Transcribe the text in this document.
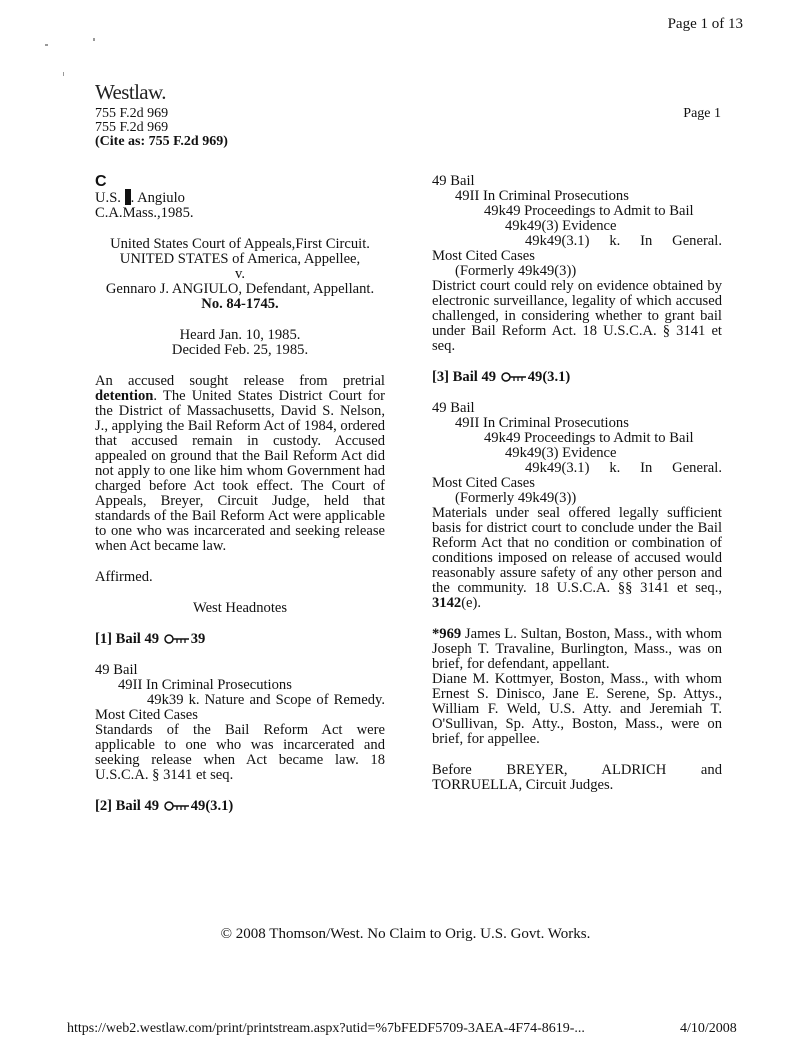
Page 1 of 13
Westlaw.
Page 1
755 F.2d 969
755 F.2d 969
(Cite as: 755 F.2d 969)
C
U.S. . Angiulo
C.A.Mass.,1985.
United States Court of Appeals,First Circuit.
UNITED STATES of America, Appellee,
v.
Gennaro J. ANGIULO, Defendant, Appellant.
No. 84-1745.
Heard Jan. 10, 1985.
Decided Feb. 25, 1985.
An accused sought release from pretrial detention. The United States District Court for the District of Massachusetts, David S. Nelson, J., applying the Bail Reform Act of 1984, ordered that accused remain in custody. Accused appealed on ground that the Bail Reform Act did not apply to one like him whom Government had charged before Act took effect. The Court of Appeals, Breyer, Circuit Judge, held that standards of the Bail Reform Act were applicable to one who was incarcerated and seeking release when Act became law.
Affirmed.
West Headnotes
[1] Bail 49 39
49 Bail
49II In Criminal Prosecutions
49k39 k. Nature and Scope of Remedy. Most Cited Cases
Standards of the Bail Reform Act were applicable to one who was incarcerated and seeking release when Act became law. 18 U.S.C.A. § 3141 et seq.
[2] Bail 49 49(3.1)
49 Bail
49II In Criminal Prosecutions
49k49 Proceedings to Admit to Bail
49k49(3) Evidence
49k49(3.1) k. In General.
Most Cited Cases
(Formerly 49k49(3))
District court could rely on evidence obtained by electronic surveillance, legality of which accused challenged, in considering whether to grant bail under Bail Reform Act. 18 U.S.C.A. § 3141 et seq.
[3] Bail 49 49(3.1)
49 Bail
49II In Criminal Prosecutions
49k49 Proceedings to Admit to Bail
49k49(3) Evidence
49k49(3.1) k. In General.
Most Cited Cases
(Formerly 49k49(3))
Materials under seal offered legally sufficient basis for district court to conclude under the Bail Reform Act that no condition or combination of conditions imposed on release of accused would reasonably assure safety of any other person and the community. 18 U.S.C.A. §§ 3141 et seq., 3142(e).
*969 James L. Sultan, Boston, Mass., with whom Joseph T. Travaline, Burlington, Mass., was on brief, for defendant, appellant.
Diane M. Kottmyer, Boston, Mass., with whom Ernest S. Dinisco, Jane E. Serene, Sp. Attys., William F. Weld, U.S. Atty. and Jeremiah T. O'Sullivan, Sp. Atty., Boston, Mass., were on brief, for appellee.
Before BREYER, ALDRICH and TORRUELLA, Circuit Judges.
© 2008 Thomson/West. No Claim to Orig. U.S. Govt. Works.
https://web2.westlaw.com/print/printstream.aspx?utid=%7bFEDF5709-3AEA-4F74-8619-...	4/10/2008
